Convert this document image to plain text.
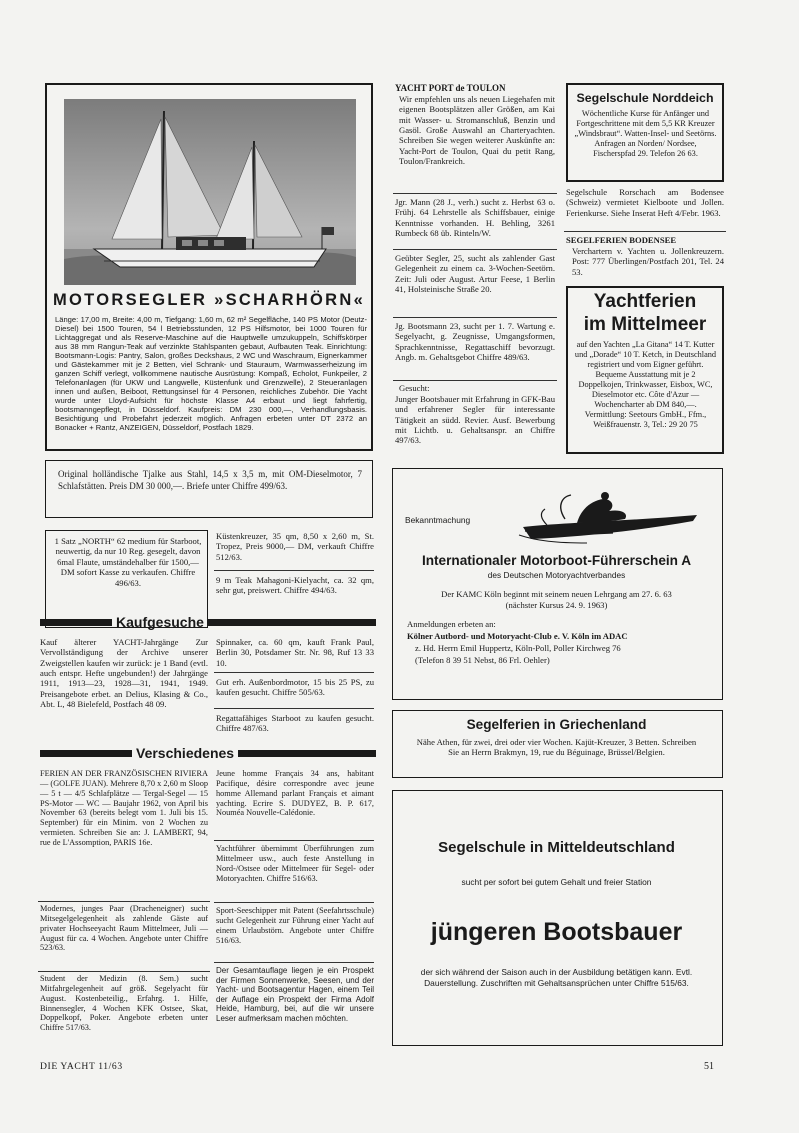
MOTORSEGLER »SCHARHÖRN«
Länge: 17,00 m, Breite: 4,00 m, Tiefgang: 1,60 m, 62 m² Segelfläche, 140 PS Motor (Deutz-Diesel) bei 1500 Touren, 54 l Betriebsstunden, 12 PS Hilfsmotor, bei 1000 Touren für Lichtaggregat und als Reserve-Maschine auf die Hauptwelle umzukuppeln, Schiffskörper aus 38 mm Rangun-Teak auf verzinkte Stahlspanten gebaut, Aufbauten Teak. Einrichtung: Bootsmann-Logis: Pantry, Salon, großes Deckshaus, 2 WC und Waschraum, Eignerkammer und Gästekammer mit je 2 Betten, viel Schrank- und Stauraum, Warmwasserheizung im ganzen Schiff verlegt, vollkommene nautische Ausrüstung: Kompaß, Echolot, Funkpeiler, 2 Telefonanlagen (für UKW und Langwelle, Küstenfunk und Grenzwelle), 2 Steueranlagen innen und außen, Beiboot, Rettungsinsel für 4 Personen, reichliches Zubehör. Die Yacht wurde unter Lloyd-Aufsicht für höchste Klasse A4 erbaut und liegt fahrfertig, bootsmanngepflegt, in Düsseldorf. Kaufpreis: DM 230 000,—, Verhandlungsbasis. Besichtigung und Probefahrt jederzeit möglich. Anfragen erbeten unter DT 2372 an Bonacker + Rantz, ANZEIGEN, Düsseldorf, Postfach 1829.
Original holländische Tjalke aus Stahl, 14,5 x 3,5 m, mit OM-Dieselmotor, 7 Schlafstätten. Preis DM 30 000,—. Briefe unter Chiffre 499/63.
1 Satz „NORTH“ 62 medium für Starboot, neuwertig, da nur 10 Reg. gesegelt, davon 6mal Flaute, umständehalber für 1500,— DM sofort Kasse zu verkaufen. Chiffre 496/63.
Küstenkreuzer, 35 qm, 8,50 x 2,60 m, St. Tropez, Preis 9000,— DM, verkauft Chiffre 512/63.
9 m Teak Mahagoni-Kielyacht, ca. 32 qm, sehr gut, preiswert. Chiffre 494/63.
Kaufgesuche
Kauf älterer YACHT-Jahrgänge Zur Vervollständigung der Archive unserer Zweigstellen kaufen wir zurück: je 1 Band (evtl. auch entspr. Hefte ungebunden!) der Jahrgänge 1911, 1913—23, 1928—31, 1941, 1949. Preisangebote erbet. an Delius, Klasing & Co., Abt. L, 48 Bielefeld, Postfach 48 09.
Spinnaker, ca. 60 qm, kauft Frank Paul, Berlin 30, Potsdamer Str. Nr. 98, Ruf 13 33 10.
Gut erh. Außenbordmotor, 15 bis 25 PS, zu kaufen gesucht. Chiffre 505/63.
Regattafähiges Starboot zu kaufen gesucht. Chiffre 487/63.
Verschiedenes
FERIEN AN DER FRANZÖSISCHEN RIVIERA — (GOLFE JUAN). Mehrere 8,70 x 2,60 m Sloop — 5 t — 4/5 Schlafplätze — Tergal-Segel — 15 PS-Motor — WC — Baujahr 1962, von April bis November 63 (bereits belegt vom 1. Juli bis 15. September) für ein Minim. von 2 Wochen zu vermieten. Schreiben Sie an: J. LAMBERT, 94, rue de L'Assomption, PARIS 16e.
Modernes, junges Paar (Dracheneigner) sucht Mitsegelgelegenheit als zahlende Gäste auf privater Hochseeyacht Raum Mittelmeer, Juli — August für ca. 4 Wochen. Angebote unter Chiffre 523/63.
Student der Medizin (8. Sem.) sucht Mitfahrgelegenheit auf größ. Segelyacht für August. Kostenbeteilig., Erfahrg. 1. Hilfe, Binnensegler, 4 Wochen KFK Ostsee, Skat, Doppelkopf, Poker. Angebote erbeten unter Chiffre 517/63.
Jeune homme Français 34 ans, habitant Pacifique, désire correspondre avec jeune homme Allemand parlant Français et aimant yachting. Ecrire S. DUDYEZ, B. P. 617, Nouméa Nouvelle-Calédonie.
Yachtführer übernimmt Überführungen zum Mittelmeer usw., auch feste Anstellung in Nord-/Ostsee oder Mittelmeer für Segel- oder Motoryachten. Chiffre 516/63.
Sport-Seeschipper mit Patent (Seefahrtsschule) sucht Gelegenheit zur Führung einer Yacht auf einem Urlaubstörn. Angebote unter Chiffre 516/63.
Der Gesamtauflage liegen je ein Prospekt der Firmen Sonnenwerke, Seesen, und der Yacht- und Bootsagentur Hagen, einem Teil der Auflage ein Prospekt der Firma Adolf Heide, Hamburg, bei, auf die wir unsere Leser aufmerksam machen möchten.
YACHT PORT de TOULON
Wir empfehlen uns als neuen Liegehafen mit eigenen Bootsplätzen aller Größen, am Kai mit Wasser- u. Stromanschluß, Benzin und Gasöl. Große Auswahl an Charteryachten. Schreiben Sie wegen weiterer Auskünfte an: Yacht-Port de Toulon, Quai du petit Rang, Toulon/Frankreich.
Jgr. Mann (28 J., verh.) sucht z. Herbst 63 o. Frühj. 64 Lehrstelle als Schiffsbauer, einige Kenntnisse vorhanden. H. Behling, 3261 Rumbeck 68 üb. Rinteln/W.
Geübter Segler, 25, sucht als zahlender Gast Gelegenheit zu einem ca. 3-Wochen-Seetörn. Zeit: Juli oder August. Artur Feese, 1 Berlin 41, Holsteinische Straße 20.
Jg. Bootsmann 23, sucht per 1. 7. Wartung e. Segelyacht, g. Zeugnisse, Umgangsformen, Sprachkenntnisse, Regattaschiff bevorzugt. Angb. m. Gehaltsgebot Chiffre 489/63.
Gesucht:
Junger Bootsbauer mit Erfahrung in GFK-Bau und erfahrener Segler für interessante Tätigkeit an südd. Revier. Ausf. Bewerbung mit Lichtb. u. Gehaltsanspr. an Chiffre 497/63.
Segelschule Norddeich
Wöchentliche Kurse für Anfänger und Fortgeschrittene mit dem 5,5 KR Kreuzer „Windsbraut“. Watten-Insel- und Seetörns. Anfragen an Norden/ Nordsee, Fischerspfad 29. Telefon 26 63.
Segelschule Rorschach am Bodensee (Schweiz) vermietet Kielboote und Jollen. Ferienkurse. Siehe Inserat Heft 4/Febr. 1963.
SEGELFERIEN BODENSEE
Verchartern v. Yachten u. Jollenkreuzern. Post: 777 Überlingen/Postfach 201, Tel. 24 53.
Yachtferien
im Mittelmeer
auf den Yachten „La Gitana“ 14 T. Kutter und „Dorade“ 10 T. Ketch, in Deutschland registriert und vom Eigner geführt. Bequeme Ausstattung mit je 2 Doppelkojen, Trinkwasser, Eisbox, WC, Dieselmotor etc. Côte d'Azur — Wochencharter ab DM 840,—. Vermittlung: Seetours GmbH., Ffm., Weißfrauenstr. 3, Tel.: 29 20 75
Bekanntmachung
Internationaler Motorboot-Führerschein A
des Deutschen Motoryachtverbandes
Der KAMC Köln beginnt mit seinem neuen Lehrgang am 27. 6. 63
(nächster Kursus 24. 9. 1963)
Anmeldungen erbeten an:
Kölner Autbord- und Motoryacht-Club e. V. Köln im ADAC
z. Hd. Herrn Emil Huppertz, Köln-Poll, Poller Kirchweg 76
(Telefon 8 39 51 Nebst, 86 Frl. Oehler)
Segelferien in Griechenland
Nähe Athen, für zwei, drei oder vier Wochen. Kajüt-Kreuzer, 3 Betten. Schreiben Sie an Herrn Brakmyn, 19, rue du Béguinage, Brüssel/Belgien.
Segelschule in Mitteldeutschland
sucht per sofort bei gutem Gehalt und freier Station
jüngeren Bootsbauer
der sich während der Saison auch in der Ausbildung betätigen kann. Evtl. Dauerstellung. Zuschriften mit Gehaltsansprüchen unter Chiffre 515/63.
DIE YACHT 11/63	51
